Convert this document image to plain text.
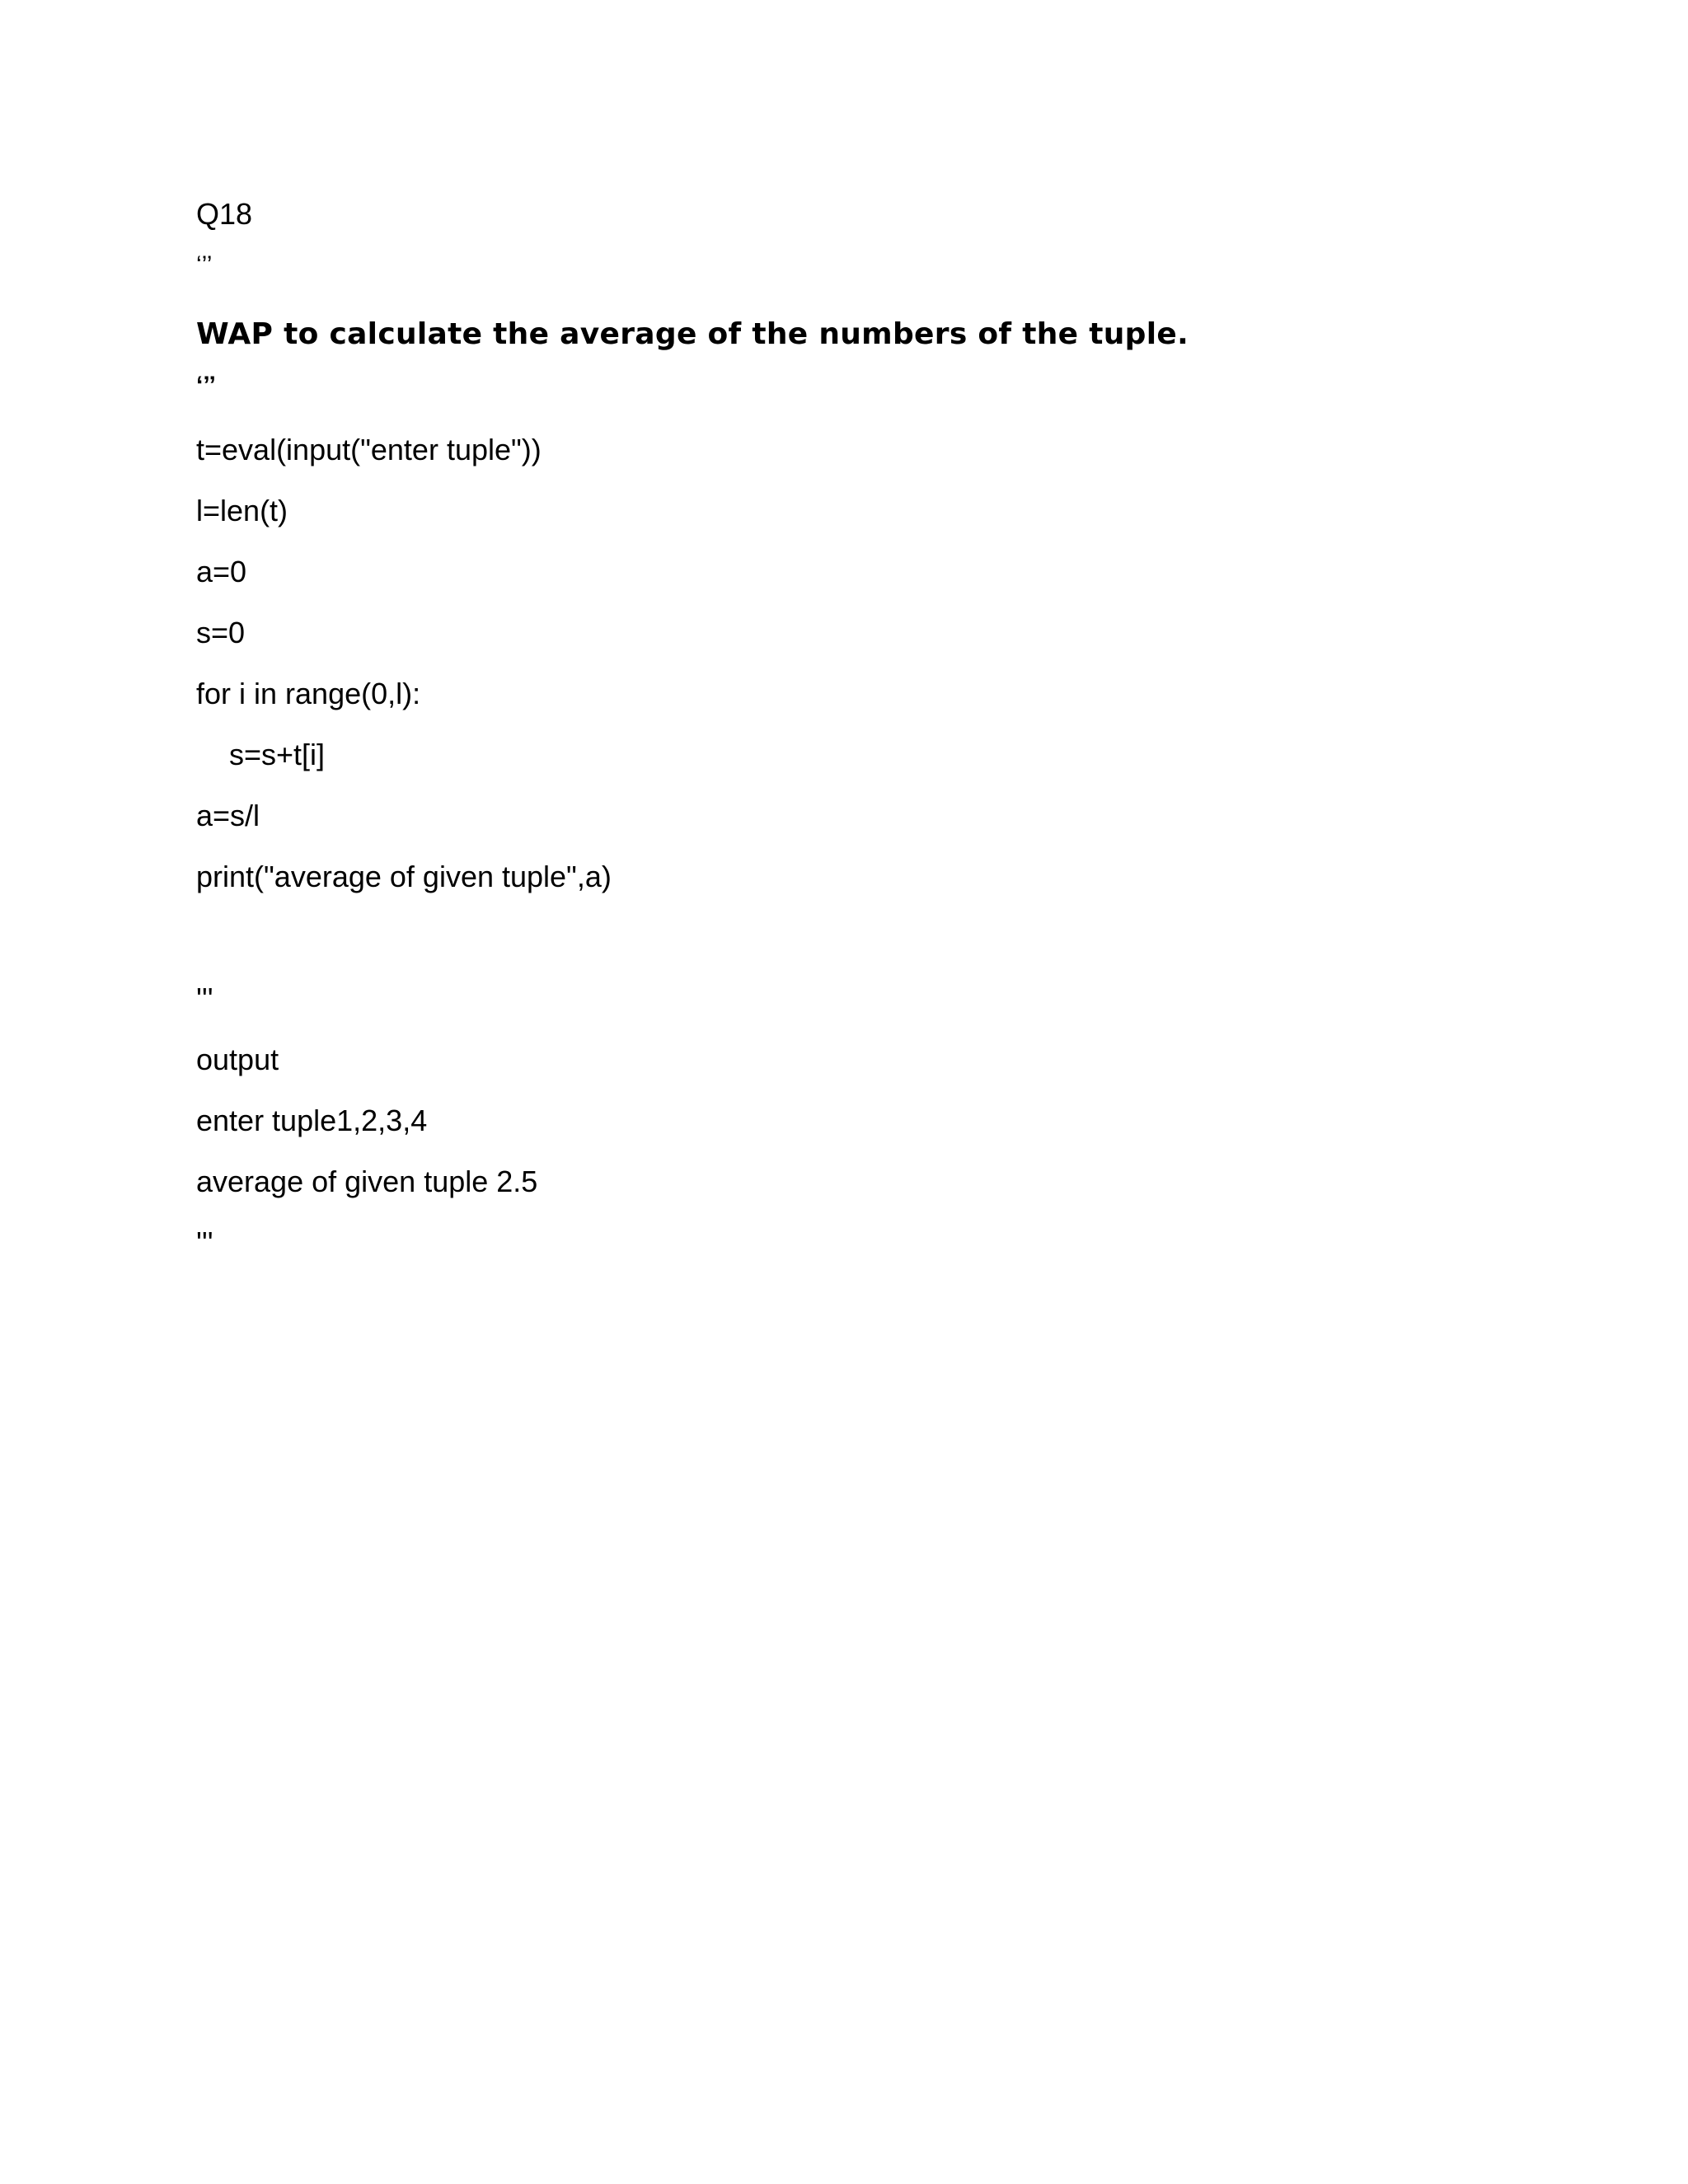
Q18

‘’’

WAP to calculate the average of the numbers of the tuple.

‘’’

t=eval(input("enter tuple"))

l=len(t)

a=0

s=0

for i in range(0,l):

s=s+t[i]

a=s/l

print("average of given tuple",a)

'''

output

enter tuple1,2,3,4

average of given tuple 2.5

'''
